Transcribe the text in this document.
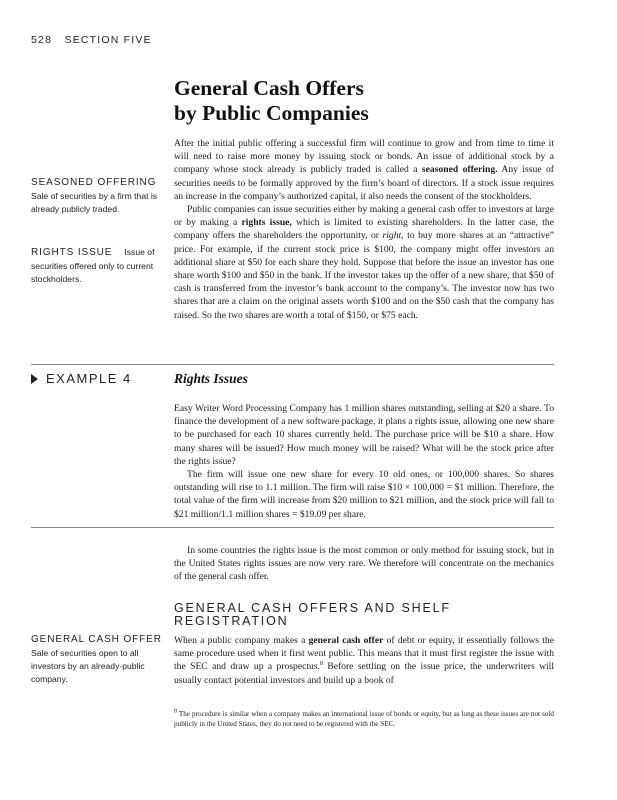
528 SECTION FIVE
General Cash Offers
by Public Companies

After the initial public offering a successful firm will continue to grow and from time to time it will need to raise more money by issuing stock or bonds. An issue of additional stock by a company whose stock already is publicly traded is called a seasoned offering. Any issue of securities needs to be formally approved by the firm’s board of directors. If a stock issue requires an increase in the company’s authorized capital, it also needs the consent of the stockholders.

Public companies can issue securities either by making a general cash offer to investors at large or by making a rights issue, which is limited to existing shareholders. In the latter case, the company offers the shareholders the opportunity, or right, to buy more shares at an “attractive” price. For example, if the current stock price is $100, the company might offer investors an additional share at $50 for each share they hold. Suppose that before the issue an investor has one share worth $100 and $50 in the bank. If the investor takes up the offer of a new share, that $50 of cash is transferred from the investor’s bank account to the company’s. The investor now has two shares that are a claim on the original assets worth $100 and on the $50 cash that the company has raised. So the two shares are worth a total of $150, or $75 each.

SEASONED OFFERING
Sale of securities by a firm that is already publicly traded.
RIGHTS ISSUE Issue of
securities offered only to current stockholders.
EXAMPLE 4	Rights Issues

Easy Writer Word Processing Company has 1 million shares outstanding, selling at $20 a share. To finance the development of a new software package, it plans a rights issue, allowing one new share to be purchased for each 10 shares currently held. The purchase price will be $10 a share. How many shares will be issued? How much money will be raised? What will be the stock price after the rights issue?

The firm will issue one new share for every 10 old ones, or 100,000 shares. So shares outstanding will rise to 1.1 million. The firm will raise $10 × 100,000 = $1 million. Therefore, the total value of the firm will increase from $20 million to $21 million, and the stock price will fall to $21 million/1.1 million shares = $19.09 per share.

In some countries the rights issue is the most common or only method for issuing stock, but in the United States rights issues are now very rare. We therefore will concentrate on the mechanics of the general cash offer.

GENERAL CASH OFFERS AND SHELF REGISTRATION
GENERAL CASH OFFER
Sale of securities open to all investors by an already-public company.

When a public company makes a general cash offer of debt or equity, it essentially follows the same procedure used when it first went public. This means that it must first register the issue with the SEC and draw up a prospectus.$^8$ Before settling on the issue price, the underwriters will usually contact potential investors and build up a book of

$^8$ The procedure is similar when a company makes an international issue of bonds or equity, but as long as these issues are not sold publicly in the United States, they do not need to be registered with the SEC.
